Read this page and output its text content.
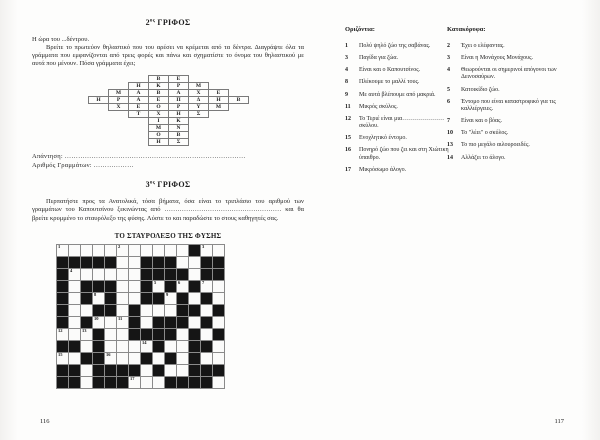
$2^{o\varsigma}$ ΓΡΙΦΟΣ
Η ώρα του ...δέντρου.
Βρείτε το πρωτεύον θηλαστικό που του αρέσει να κρέμεται από τα δέντρα. Διαγράψτε όλα τα γράμματα που εμφανίζονται από τρεις φορές και πάνω και σχηματίστε το όνομα του θηλαστικού με αυτά που μένουν. Πόσα γράμματα έχει;
Β	Ε
Η	Κ	Ρ	Μ
Μ	Α	Β	Α	Χ	Ε
Η	Ρ	Α	Ε	Π	Δ	Η	Β
Χ	Ε	Ο	Ρ	Υ	Μ
Τ	Χ	Η	Σ
Ι	Κ
Μ	Ν
Ο	Β
Η	Σ
Απάντηση: ………………………………………………………………………
Αριθμός Γραμμάτων: ………………
$3^{o\varsigma}$ ΓΡΙΦΟΣ
Περπατήστε προς τα Ανατολικά, τόσα βήματα, όσα είναι το τριπλάσιο του αριθμού των γραμμάτων του Καπουτσίνου ξεκινώντας από ……………………………………………… και θα βρείτε κρυμμένο το σταυρόλεξο της φύσης. Λύστε το και παραδώστε το στους καθηγητές σας.
ΤΟ ΣΤΑΥΡΟΛΕΞΟ ΤΗΣ ΦΥΣΗΣ
1	2	3
4
5	6	7
8	9
10	11
12	13
14
15	16
17
Οριζόντια:
1	Πολύ ψηλό ζώο της σαβάνας.
3	Παγίδα για ζώα.
4	Είναι και ο Καπουτσίνος.
8	Πλέκουμε το μαλλί τους.
9	Με αυτά βλέπουμε από μακριά.
11	Μικρός σκύλος.
12	Το Τεριέ είναι μια………………… σκύλου.
15	Ενοχλητικό έντομο.
16	Πονηρό ζώο που ζει και στη Χιώτικη ύπαιθρο.
17	Μικρόσωμο άλογο.
Κατακόρυφα:
2	Έχει ο ελέφαντας.
3	Είναι η Μονάχους Μονάχους.
4	Θεωρούνται οι σημερινοί απόγονοι των Δεινοσαύρων.
5	Κατοικίδιο ζώο.
6	Έντομο που είναι καταστροφικό για τις καλλιέργειες.
7	Είναι και ο βόας.
10	Το "λέει" ο σκύλος.
13	Το πιο μεγάλο αιλουροειδές.
14	Αλλάζει το άλογο.
116	117
